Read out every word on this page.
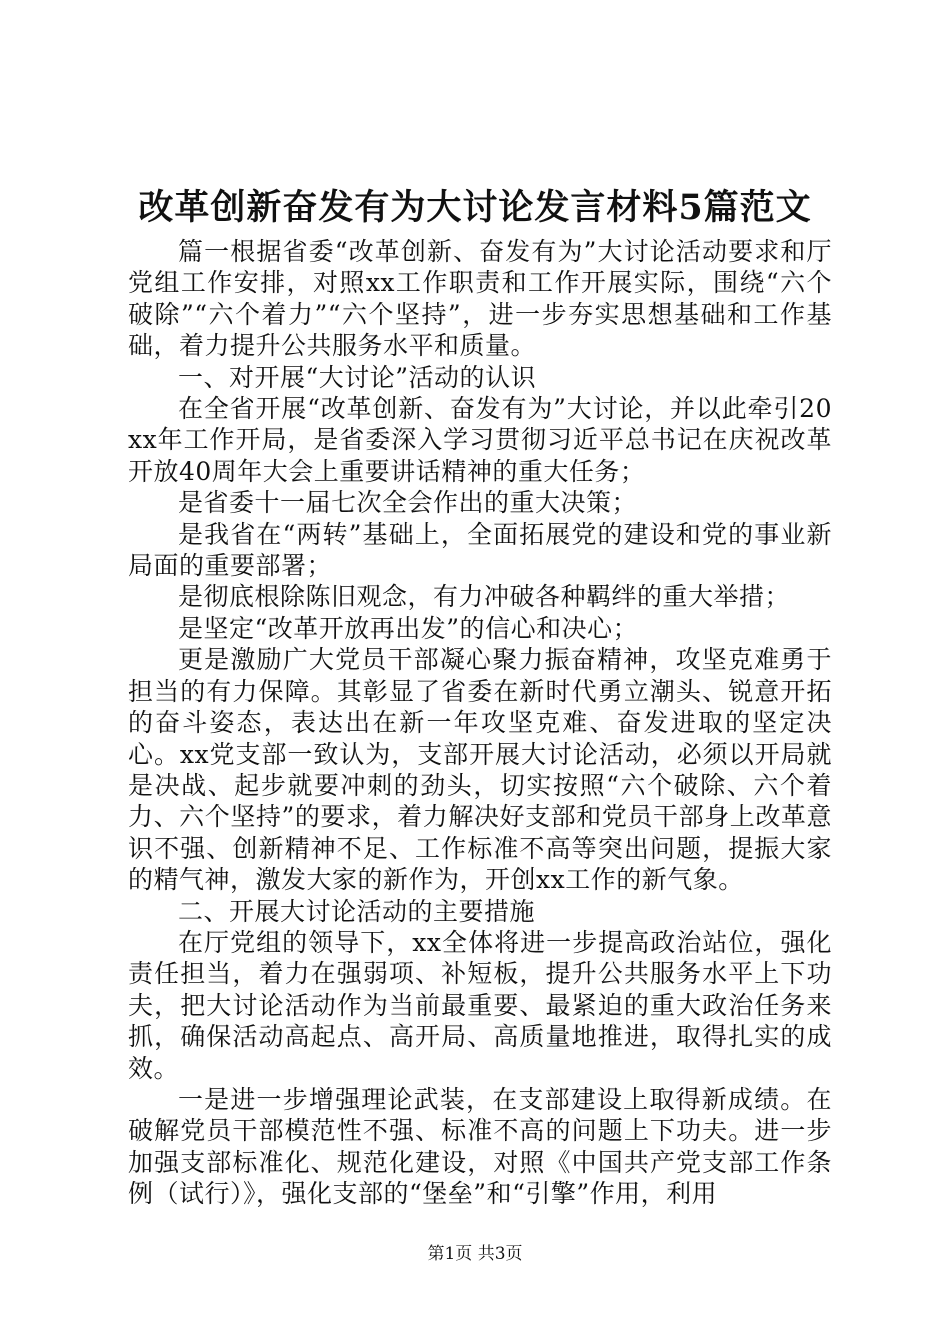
改革创新奋发有为大讨论发言材料5篇范文

篇一根据省委“改革创新、奋发有为”大讨论活动要求和厅党组工作安排，对照xx工作职责和工作开展实际，围绕“六个破除”“六个着力”“六个坚持”，进一步夯实思想基础和工作基础，着力提升公共服务水平和质量。

一、对开展“大讨论”活动的认识

在全省开展“改革创新、奋发有为”大讨论，并以此牵引20xx年工作开局，是省委深入学习贯彻习近平总书记在庆祝改革开放40周年大会上重要讲话精神的重大任务；

是省委十一届七次全会作出的重大决策；

是我省在“两转”基础上，全面拓展党的建设和党的事业新局面的重要部署；

是彻底根除陈旧观念，有力冲破各种羁绊的重大举措；

是坚定“改革开放再出发”的信心和决心；

更是激励广大党员干部凝心聚力振奋精神，攻坚克难勇于担当的有力保障。其彰显了省委在新时代勇立潮头、锐意开拓的奋斗姿态，表达出在新一年攻坚克难、奋发进取的坚定决心。xx党支部一致认为，支部开展大讨论活动，必须以开局就是决战、起步就要冲刺的劲头，切实按照“六个破除、六个着力、六个坚持”的要求，着力解决好支部和党员干部身上改革意识不强、创新精神不足、工作标准不高等突出问题，提振大家的精气神，激发大家的新作为，开创xx工作的新气象。

二、开展大讨论活动的主要措施

在厅党组的领导下，xx全体将进一步提高政治站位，强化责任担当，着力在强弱项、补短板，提升公共服务水平上下功夫，把大讨论活动作为当前最重要、最紧迫的重大政治任务来抓，确保活动高起点、高开局、高质量地推进，取得扎实的成效。

一是进一步增强理论武装，在支部建设上取得新成绩。在破解党员干部模范性不强、标准不高的问题上下功夫。进一步加强支部标准化、规范化建设，对照《中国共产党支部工作条例（试行）》，强化支部的“堡垒”和“引擎”作用，利用

第1页 共3页
